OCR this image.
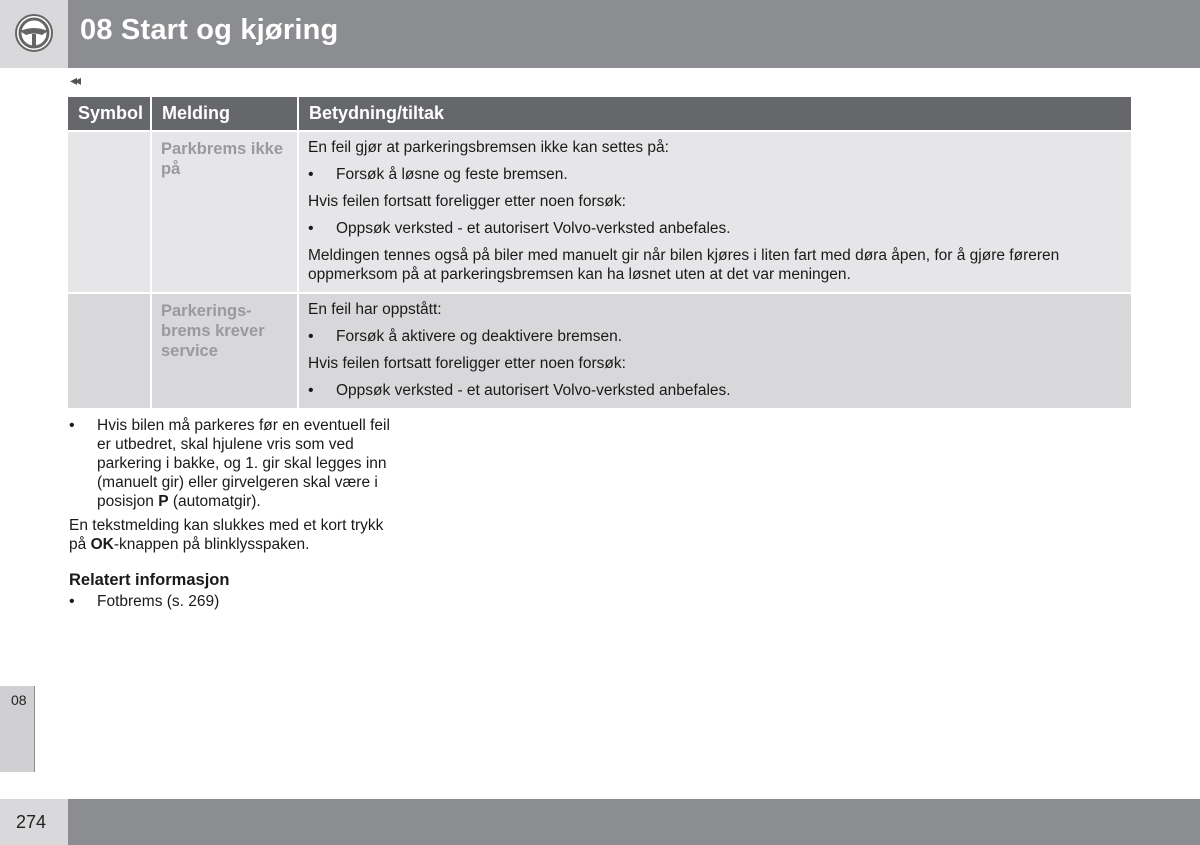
08 Start og kjøring
◂◂
Symbol	Melding	Betydning/tiltak
Parkbrems ikke på

En feil gjør at parkeringsbremsen ikke kan settes på:

• Forsøk å løsne og feste bremsen.

Hvis feilen fortsatt foreligger etter noen forsøk:

• Oppsøk verksted - et autorisert Volvo-verksted anbefales.

Meldingen tennes også på biler med manuelt gir når bilen kjøres i liten fart med døra åpen, for å gjøre føreren oppmerksom på at parkeringsbremsen kan ha løsnet uten at det var meningen.

Parkerings- brems krever service

En feil har oppstått:

• Forsøk å aktivere og deaktivere bremsen.

Hvis feilen fortsatt foreligger etter noen forsøk:

• Oppsøk verksted - et autorisert Volvo-verksted anbefales.

• Hvis bilen må parkeres før en eventuell feil er utbedret, skal hjulene vris som ved parkering i bakke, og 1. gir skal legges inn (manuelt gir) eller girvelgeren skal være i posisjon P (automatgir).

En tekstmelding kan slukkes med et kort trykk på OK-knappen på blinklysspaken.

Relatert informasjon

• Fotbrems (s. 269)

08
274
